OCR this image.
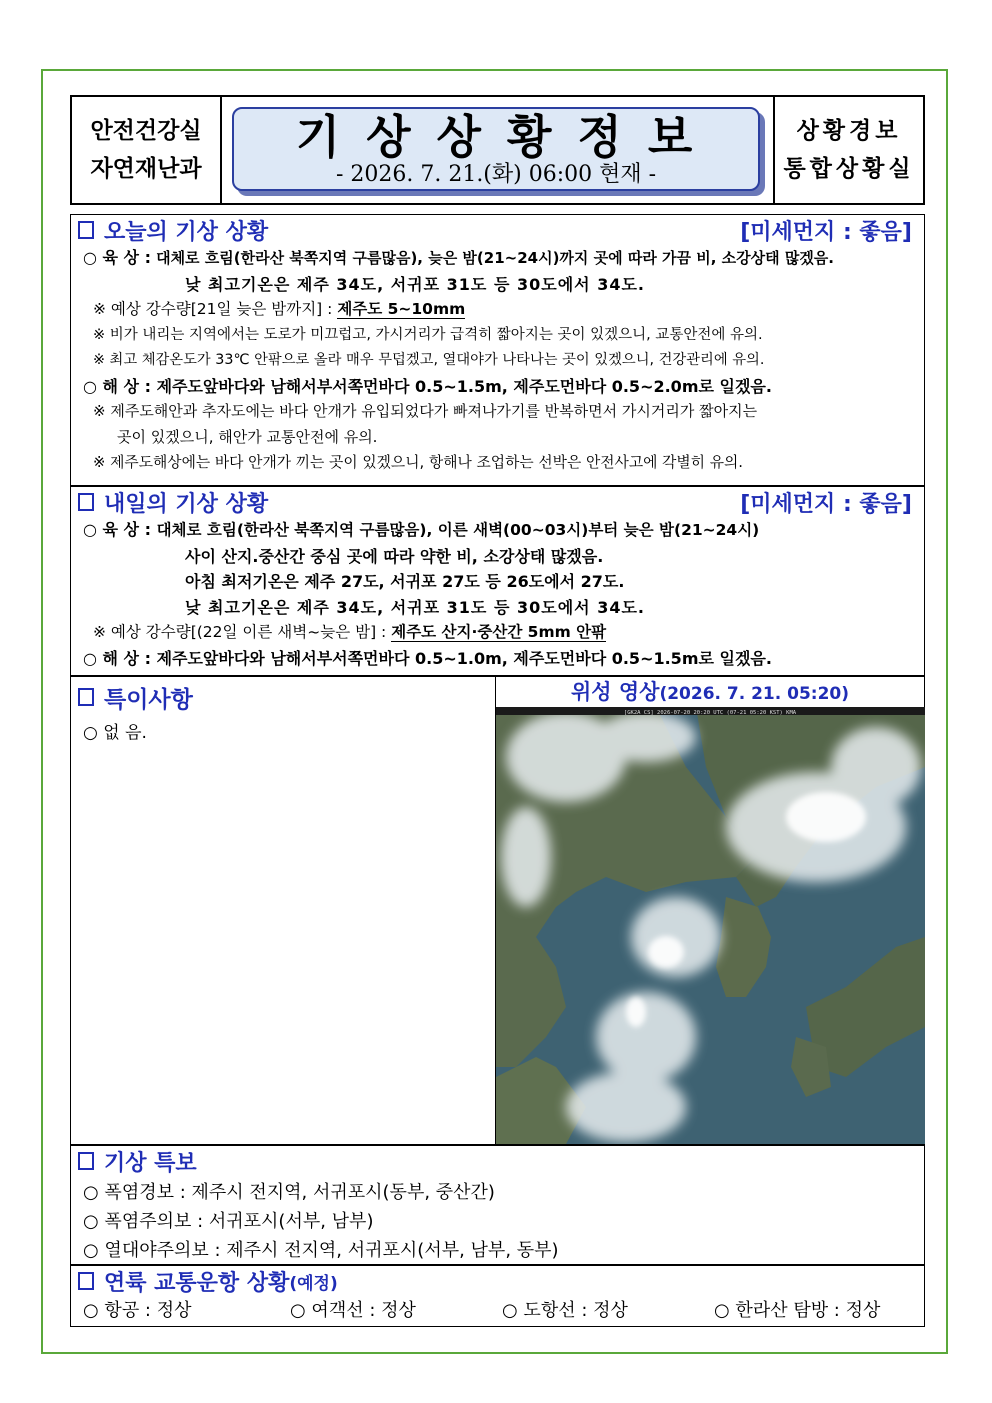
안전건강실
자연재난과
기상상황정보
- 2026. 7. 21.(화) 06:00 현재 -
상황경보
통합상황실
오늘의 기상 상황	[미세먼지 : 좋음]
○ 육 상 : 대체로 흐림(한라산 북쪽지역 구름많음), 늦은 밤(21~24시)까지 곳에 따라 가끔 비, 소강상태 많겠음.
낮 최고기온은 제주 34도, 서귀포 31도 등 30도에서 34도.
※ 예상 강수량[21일 늦은 밤까지] : 제주도 5~10mm
※ 비가 내리는 지역에서는 도로가 미끄럽고, 가시거리가 급격히 짧아지는 곳이 있겠으니, 교통안전에 유의.
※ 최고 체감온도가 33℃ 안팎으로 올라 매우 무덥겠고, 열대야가 나타나는 곳이 있겠으니, 건강관리에 유의.
○ 해 상 : 제주도앞바다와 남해서부서쪽먼바다 0.5~1.5m, 제주도먼바다 0.5~2.0m로 일겠음.
※ 제주도해안과 추자도에는 바다 안개가 유입되었다가 빠져나가기를 반복하면서 가시거리가 짧아지는
곳이 있겠으니, 해안가 교통안전에 유의.
※ 제주도해상에는 바다 안개가 끼는 곳이 있겠으니, 항해나 조업하는 선박은 안전사고에 각별히 유의.
내일의 기상 상황	[미세먼지 : 좋음]
○ 육 상 : 대체로 흐림(한라산 북쪽지역 구름많음), 이른 새벽(00~03시)부터 늦은 밤(21~24시)
사이 산지.중산간 중심 곳에 따라 약한 비, 소강상태 많겠음.
아침 최저기온은 제주 27도, 서귀포 27도 등 26도에서 27도.
낮 최고기온은 제주 34도, 서귀포 31도 등 30도에서 34도.
※ 예상 강수량[(22일 이른 새벽~늦은 밤] : 제주도 산지·중산간 5mm 안팎
○ 해 상 : 제주도앞바다와 남해서부서쪽먼바다 0.5~1.0m, 제주도먼바다 0.5~1.5m로 일겠음.
특이사항
○ 없 음.
위성 영상(2026. 7. 21. 05:20)
[GK2A CS] 2026-07-20 20:20 UTC (07-21 05:20 KST) KMA
기상 특보
○ 폭염경보 : 제주시 전지역, 서귀포시(동부, 중산간)
○ 폭염주의보 : 서귀포시(서부, 남부)
○ 열대야주의보 : 제주시 전지역, 서귀포시(서부, 남부, 동부)
연륙 교통운항 상황 (예정)
○ 항공 : 정상	○ 여객선 : 정상	○ 도항선 : 정상	○ 한라산 탐방 : 정상
